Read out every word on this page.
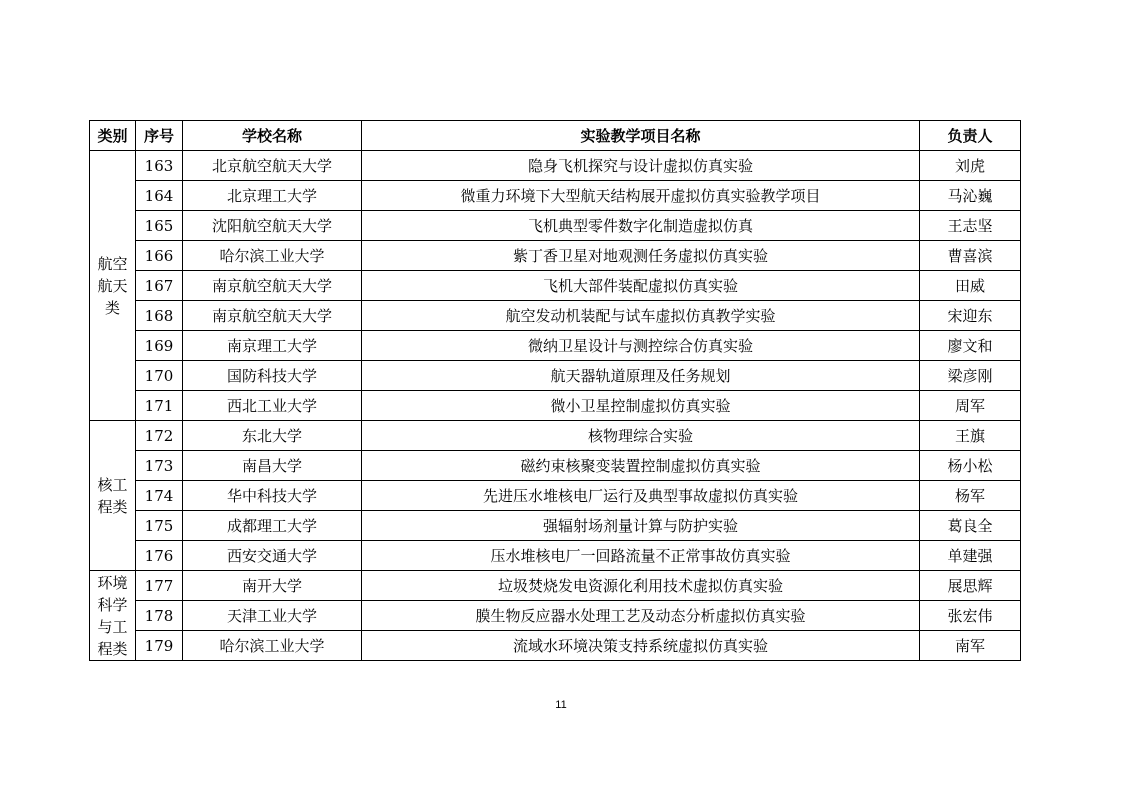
类别	序号	学校名称	实验教学项目名称	负责人
航空航天类	163	北京航空航天大学	隐身飞机探究与设计虚拟仿真实验	刘虎
	164	北京理工大学	微重力环境下大型航天结构展开虚拟仿真实验教学项目	马沁巍
	165	沈阳航空航天大学	飞机典型零件数字化制造虚拟仿真	王志坚
	166	哈尔滨工业大学	紫丁香卫星对地观测任务虚拟仿真实验	曹喜滨
	167	南京航空航天大学	飞机大部件装配虚拟仿真实验	田威
	168	南京航空航天大学	航空发动机装配与试车虚拟仿真教学实验	宋迎东
	169	南京理工大学	微纳卫星设计与测控综合仿真实验	廖文和
	170	国防科技大学	航天器轨道原理及任务规划	梁彦刚
	171	西北工业大学	微小卫星控制虚拟仿真实验	周军
核工程类	172	东北大学	核物理综合实验	王旗
	173	南昌大学	磁约束核聚变装置控制虚拟仿真实验	杨小松
	174	华中科技大学	先进压水堆核电厂运行及典型事故虚拟仿真实验	杨军
	175	成都理工大学	强辐射场剂量计算与防护实验	葛良全
	176	西安交通大学	压水堆核电厂一回路流量不正常事故仿真实验	单建强
环境科学与工程类	177	南开大学	垃圾焚烧发电资源化利用技术虚拟仿真实验	展思辉
	178	天津工业大学	膜生物反应器水处理工艺及动态分析虚拟仿真实验	张宏伟
	179	哈尔滨工业大学	流域水环境决策支持系统虚拟仿真实验	南军
11
